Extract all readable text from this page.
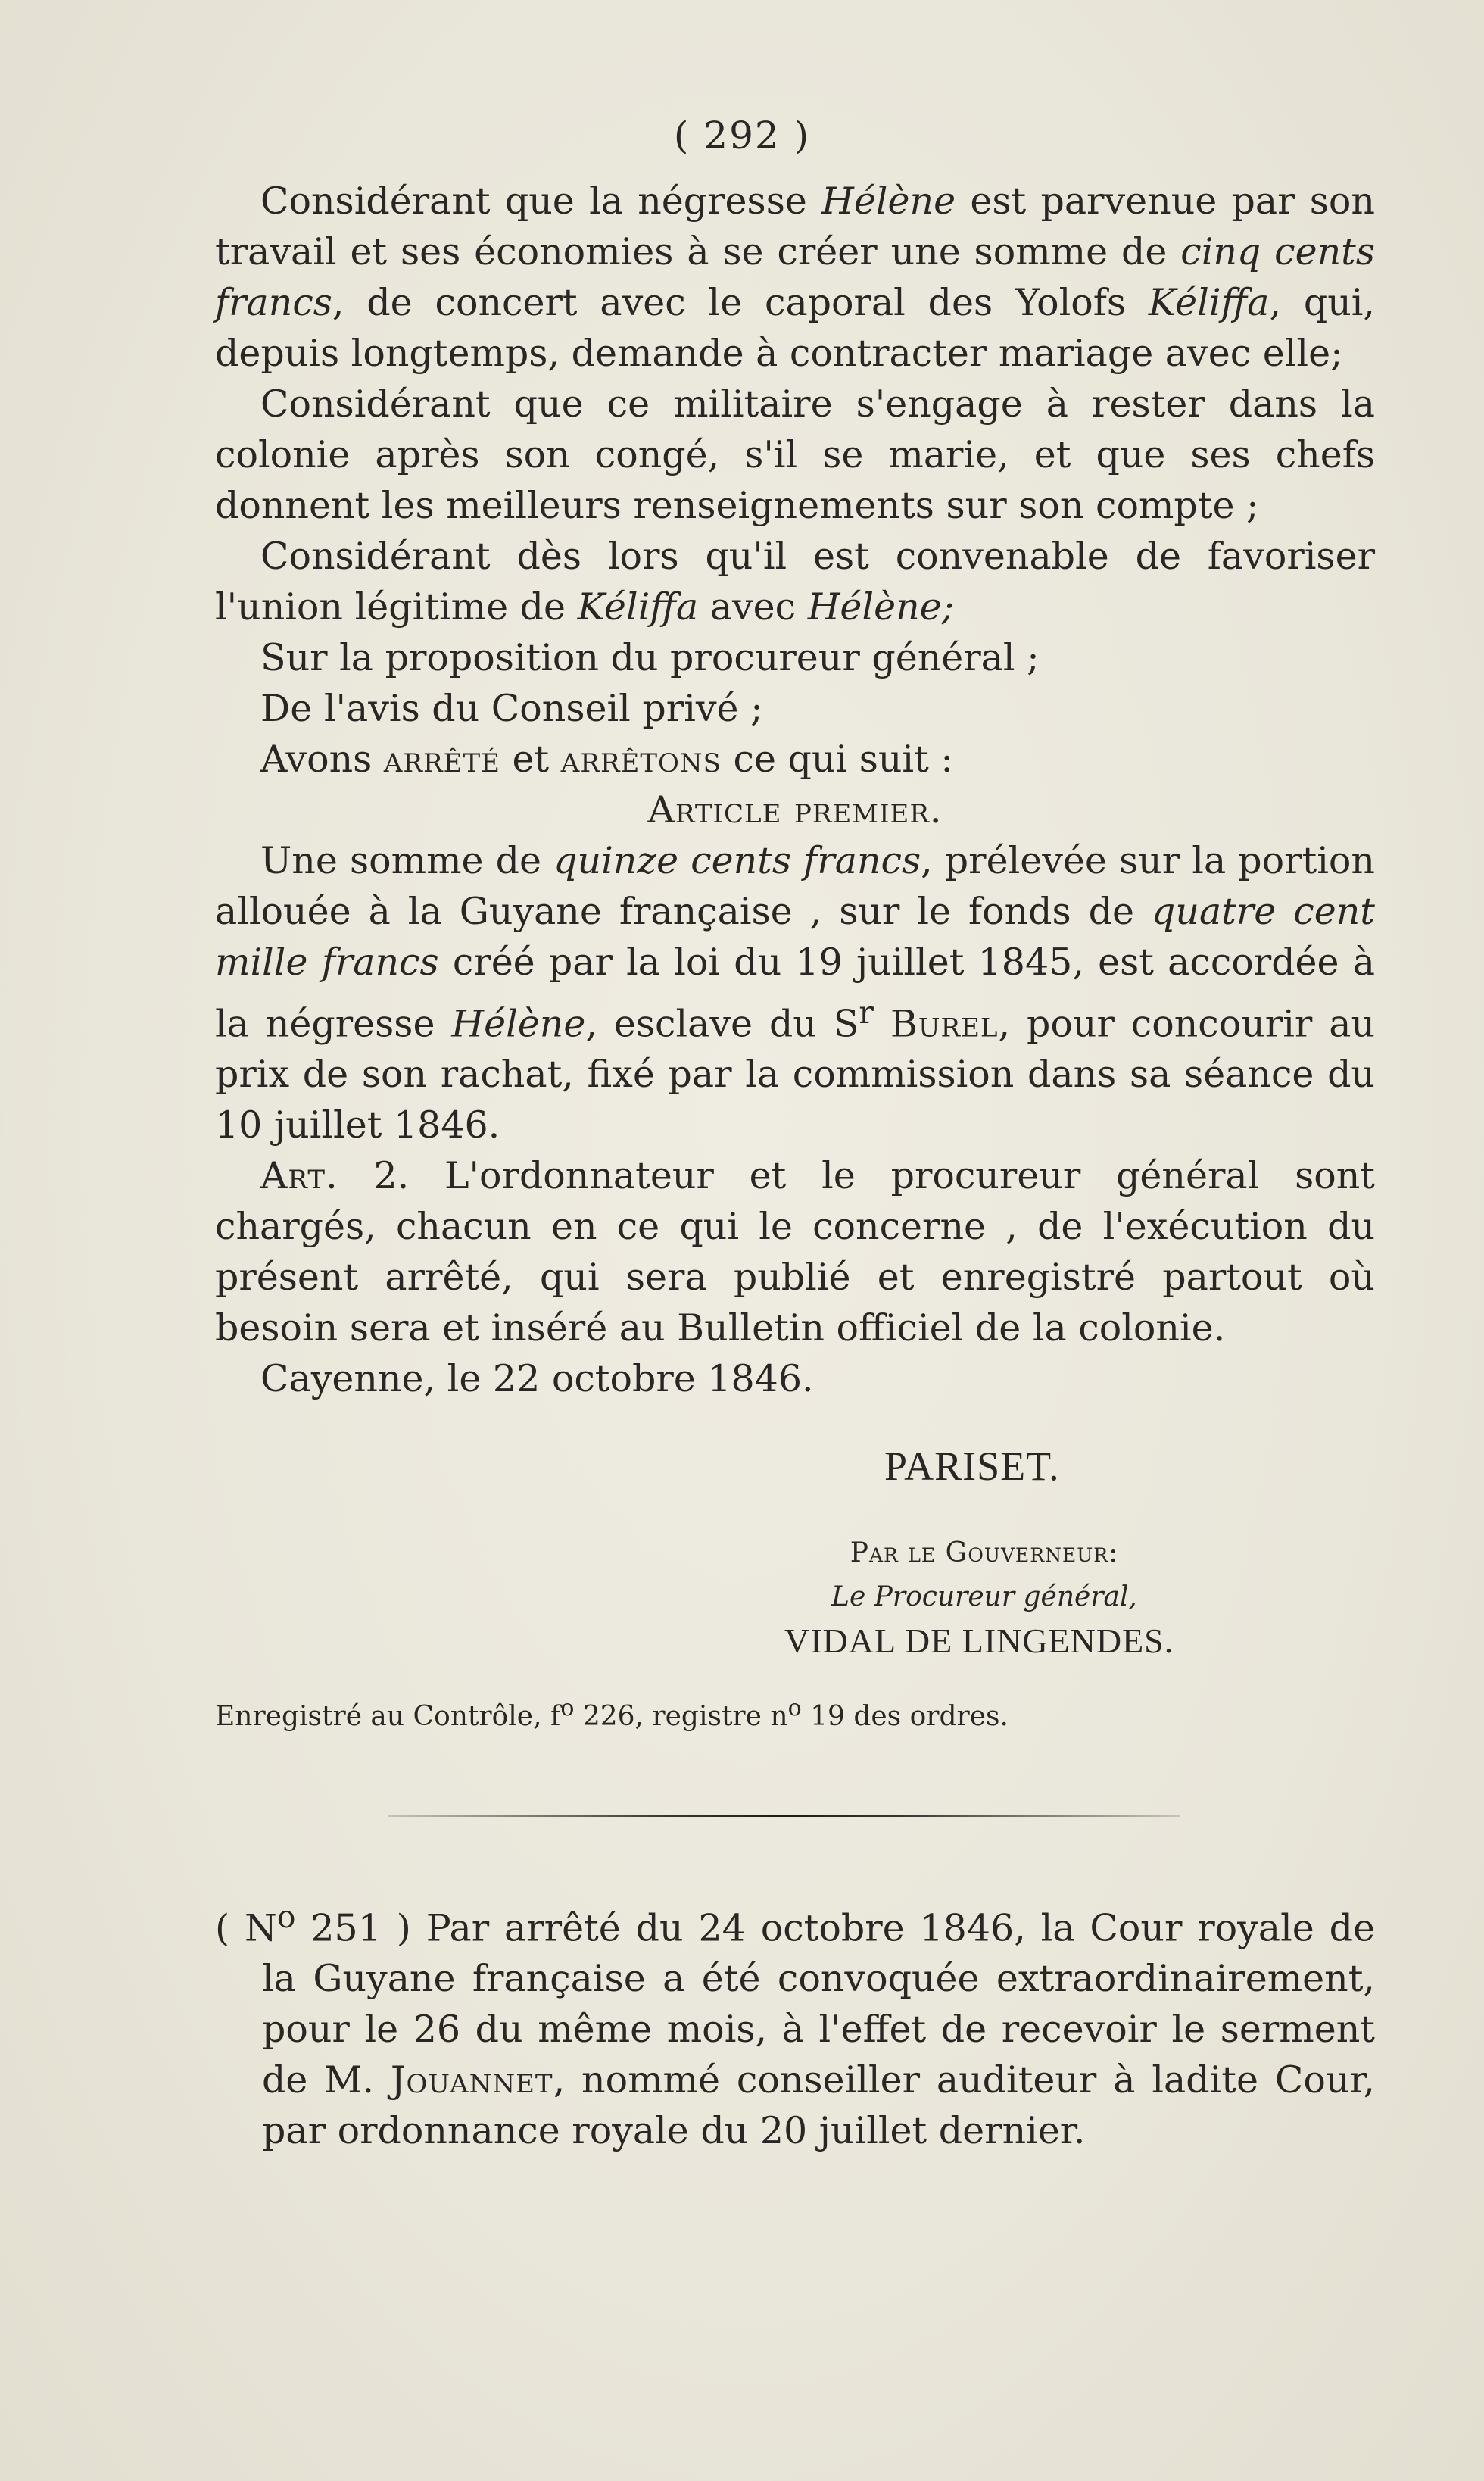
( 292 )

Considérant que la négresse Hélène est parvenue par son travail et ses économies à se créer une somme de cinq cents francs, de concert avec le caporal des Yolofs Kéliffa, qui, depuis longtemps, demande à contracter mariage avec elle;

Considérant que ce militaire s'engage à rester dans la colonie après son congé, s'il se marie, et que ses chefs donnent les meilleurs renseignements sur son compte ;

Considérant dès lors qu'il est convenable de favoriser l'union légitime de Kéliffa avec Hélène;

Sur la proposition du procureur général ;

De l'avis du Conseil privé ;

Avons arrêté et arrêtons ce qui suit :

Article premier.

Une somme de quinze cents francs, prélevée sur la portion allouée à la Guyane française , sur le fonds de quatre cent mille francs créé par la loi du 19 juillet 1845, est accordée à la négresse Hélène, esclave du $S^r$ Burel, pour concourir au prix de son rachat, fixé par la commission dans sa séance du 10 juillet 1846.

Art. 2. L'ordonnateur et le procureur général sont chargés, chacun en ce qui le concerne , de l'exécution du présent arrêté, qui sera publié et enregistré partout où besoin sera et inséré au Bulletin officiel de la colonie.

Cayenne, le 22 octobre 1846.

PARISET.
Par le Gouverneur:
Le Procureur général,
VIDAL DE LINGENDES.
Enregistré au Contrôle, $f^o$ 226, registre $n^o$ 19 des ordres.

( $N^o$ 251 ) Par arrêté du 24 octobre 1846, la Cour royale de la Guyane française a été convoquée extraordinairement, pour le 26 du même mois, à l'effet de recevoir le serment de M. Jouannet, nommé conseiller auditeur à ladite Cour, par ordonnance royale du 20 juillet dernier.
